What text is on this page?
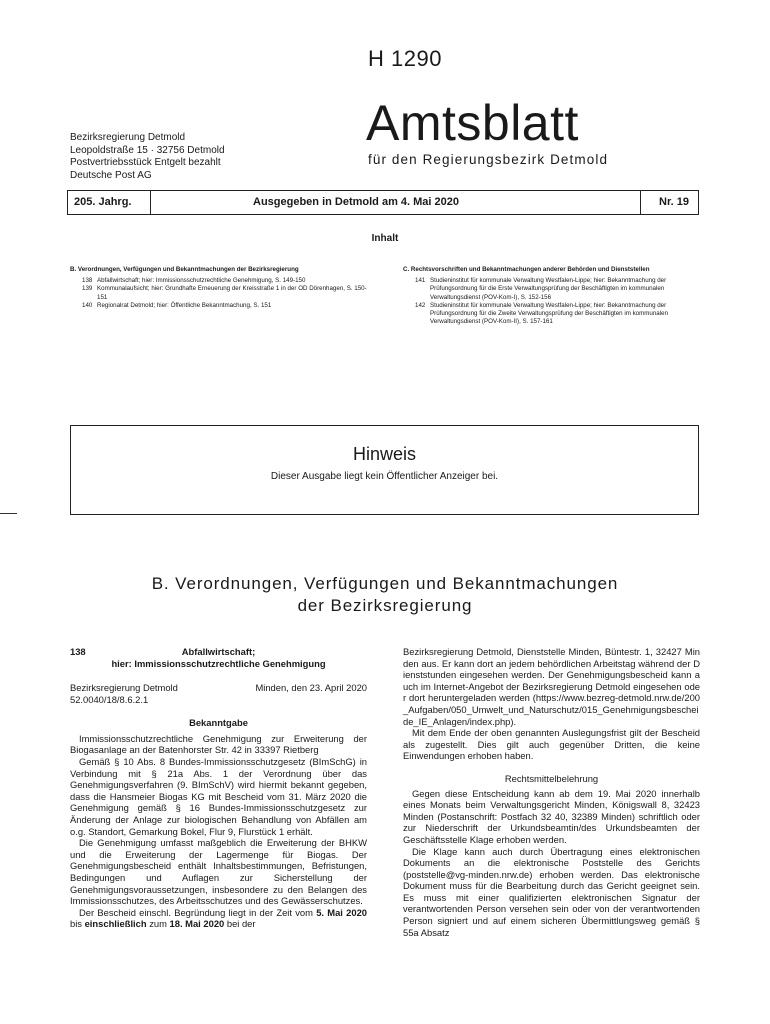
H 1290
Bezirksregierung Detmold
Leopoldstraße 15 · 32756 Detmold
Postvertriebsstück Entgelt bezahlt
Deutsche Post AG
Amtsblatt
für den Regierungsbezirk Detmold
205. Jahrg.	Ausgegeben in Detmold am 4. Mai 2020	Nr. 19
Inhalt
B. Verordnungen, Verfügungen und Bekanntmachungen der Bezirksregierung
138 Abfallwirtschaft; hier: Immissionsschutzrechtliche Genehmigung, S. 149-150
139 Kommunalaufsicht; hier: Grundhafte Erneuerung der Kreisstraße 1 in der OD Dörenhagen, S. 150-151
140 Regionalrat Detmold; hier: Öffentliche Bekanntmachung, S. 151
C. Rechtsvorschriften und Bekanntmachungen anderer Behörden und Dienststellen
141 Studieninstitut für kommunale Verwaltung Westfalen-Lippe; hier: Bekanntmachung der Prüfungsordnung für die Erste Verwaltungsprüfung der Beschäftigten im kommunalen Verwaltungsdienst (POV-Kom-I), S. 152-156
142 Studieninstitut für kommunale Verwaltung Westfalen-Lippe; hier: Bekanntmachung der Prüfungsordnung für die Zweite Verwaltungsprüfung der Beschäftigten im kommunalen Verwaltungsdienst (POV-Kom-II), S. 157-161
Hinweis
Dieser Ausgabe liegt kein Öffentlicher Anzeiger bei.
B. Verordnungen, Verfügungen und Bekanntmachungen
der Bezirksregierung
138	Abfallwirtschaft;
hier: Immissionsschutzrechtliche Genehmigung
Bezirksregierung Detmold	Minden, den 23. April 2020
52.0040/18/8.6.2.1
Bekanntgabe

Immissionsschutzrechtliche Genehmigung zur Erweiterung der Biogasanlage an der Batenhorster Str. 42 in 33397 Rietberg

Gemäß § 10 Abs. 8 Bundes-Immissionsschutzgesetz (BImSchG) in Verbindung mit § 21a Abs. 1 der Verordnung über das Genehmigungsverfahren (9. BImSchV) wird hiermit bekannt gegeben, dass die Hansmeier Biogas KG mit Bescheid vom 31. März 2020 die Genehmigung gemäß § 16 Bundes-Immissionsschutzgesetz zur Änderung der Anlage zur biologischen Behandlung von Abfällen am o.g. Standort, Gemarkung Bokel, Flur 9, Flurstück 1 erhält.

Die Genehmigung umfasst maßgeblich die Erweiterung der BHKW und die Erweiterung der Lagermenge für Biogas. Der Genehmigungsbescheid enthält Inhaltsbestimmungen, Befristungen, Bedingungen und Auflagen zur Sicherstellung der Genehmigungsvoraussetzungen, insbesondere zu den Belangen des Immissionsschutzes, des Arbeitsschutzes und des Gewässerschutzes.

Der Bescheid einschl. Begründung liegt in der Zeit vom 5. Mai 2020 bis einschließlich zum 18. Mai 2020 bei der

Bezirksregierung Detmold, Dienststelle Minden, Büntestr. 1, 32427 Minden aus. Er kann dort an jedem behördlichen Arbeitstag während der Dienststunden eingesehen werden. Der Genehmigungsbescheid kann auch im Internet-Angebot der Bezirksregierung Detmold eingesehen oder dort heruntergeladen werden (https://www.bezreg-detmold.nrw.de/200_Aufgaben/050_Umwelt_und_Naturschutz/015_Genehmigungsbescheide_IE_Anlagen/index.php).

Mit dem Ende der oben genannten Auslegungsfrist gilt der Bescheid als zugestellt. Dies gilt auch gegenüber Dritten, die keine Einwendungen erhoben haben.

Rechtsmittelbelehrung

Gegen diese Entscheidung kann ab dem 19. Mai 2020 innerhalb eines Monats beim Verwaltungsgericht Minden, Königswall 8, 32423 Minden (Postanschrift: Postfach 32 40, 32389 Minden) schriftlich oder zur Niederschrift der Urkundsbeamtin/des Urkundsbeamten der Geschäftsstelle Klage erhoben werden.

Die Klage kann auch durch Übertragung eines elektronischen Dokuments an die elektronische Poststelle des Gerichts (poststelle@vg-minden.nrw.de) erhoben werden. Das elektronische Dokument muss für die Bearbeitung durch das Gericht geeignet sein. Es muss mit einer qualifizierten elektronischen Signatur der verantwortenden Person versehen sein oder von der verantwortenden Person signiert und auf einem sicheren Übermittlungsweg gemäß § 55a Absatz
